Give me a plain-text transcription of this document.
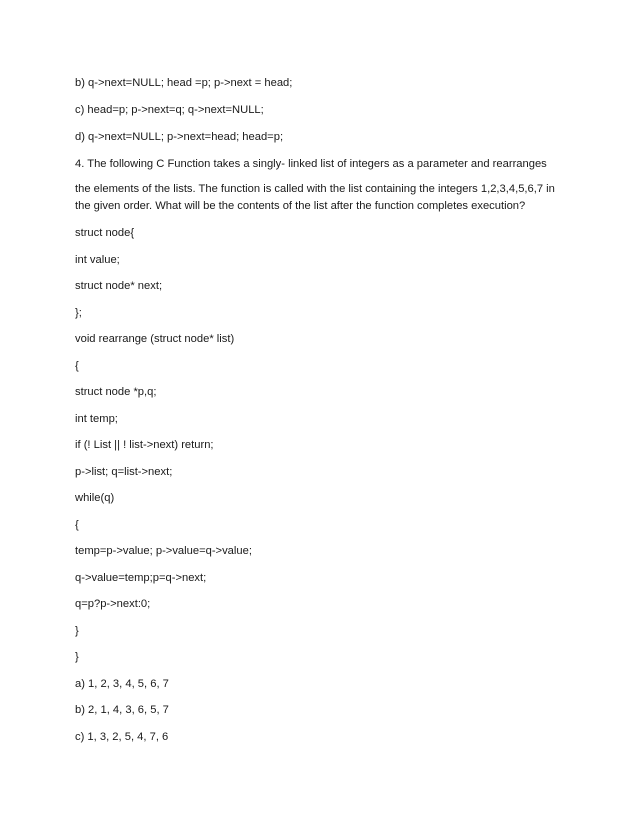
b) q->next=NULL; head =p; p->next = head;
c) head=p; p->next=q; q->next=NULL;
d) q->next=NULL; p->next=head; head=p;
4. The following C Function takes a singly- linked list of integers as a parameter and rearranges
the elements of the lists. The function is called with the list containing the integers 1,2,3,4,5,6,7 in the given order. What will be the contents of the list after the function completes execution?
struct node{
int value;
struct node* next;
};
void rearrange (struct node* list)
{
struct node *p,q;
int temp;
if (! List || ! list->next) return;
p->list; q=list->next;
while(q)
{
temp=p->value; p->value=q->value;
q->value=temp;p=q->next;
q=p?p->next:0;
}
}
a) 1, 2, 3, 4, 5, 6, 7
b) 2, 1, 4, 3, 6, 5, 7
c) 1, 3, 2, 5, 4, 7, 6
